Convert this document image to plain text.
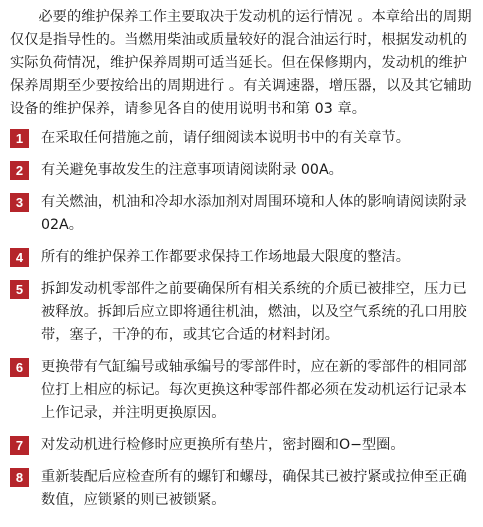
必要的维护保养工作主要取决于发动机的运行情况 。本章给出的周期仅仅是指导性的。当燃用柴油或质量较好的混合油运行时，根据发动机的实际负荷情况，维护保养周期可适当延长。但在保修期内，发动机的维护保养周期至少要按给出的周期进行 。有关调速器，增压器，以及其它辅助设备的维护保养，请参见各自的使用说明书和第 03 章。

1	在采取任何措施之前，请仔细阅读本说明书中的有关章节。
2	有关避免事故发生的注意事项请阅读附录 00A。
3	有关燃油，机油和冷却水添加剂对周围环境和人体的影响请阅读附录 02A。
4	所有的维护保养工作都要求保持工作场地最大限度的整洁。
5	拆卸发动机零部件之前要确保所有相关系统的介质已被排空，压力已被释放。拆卸后应立即将通往机油，燃油，以及空气系统的孔口用胶带，塞子，干净的布，或其它合适的材料封闭。
6	更换带有气缸编号或轴承编号的零部件时，应在新的零部件的相同部位打上相应的标记。每次更换这种零部件都必须在发动机运行记录本上作记录，并注明更换原因。
7	对发动机进行检修时应更换所有垫片，密封圈和O−型圈。
8	重新装配后应检查所有的螺钉和螺母，确保其已被拧紧或拉伸至正确数值，应锁紧的则已被锁紧。
